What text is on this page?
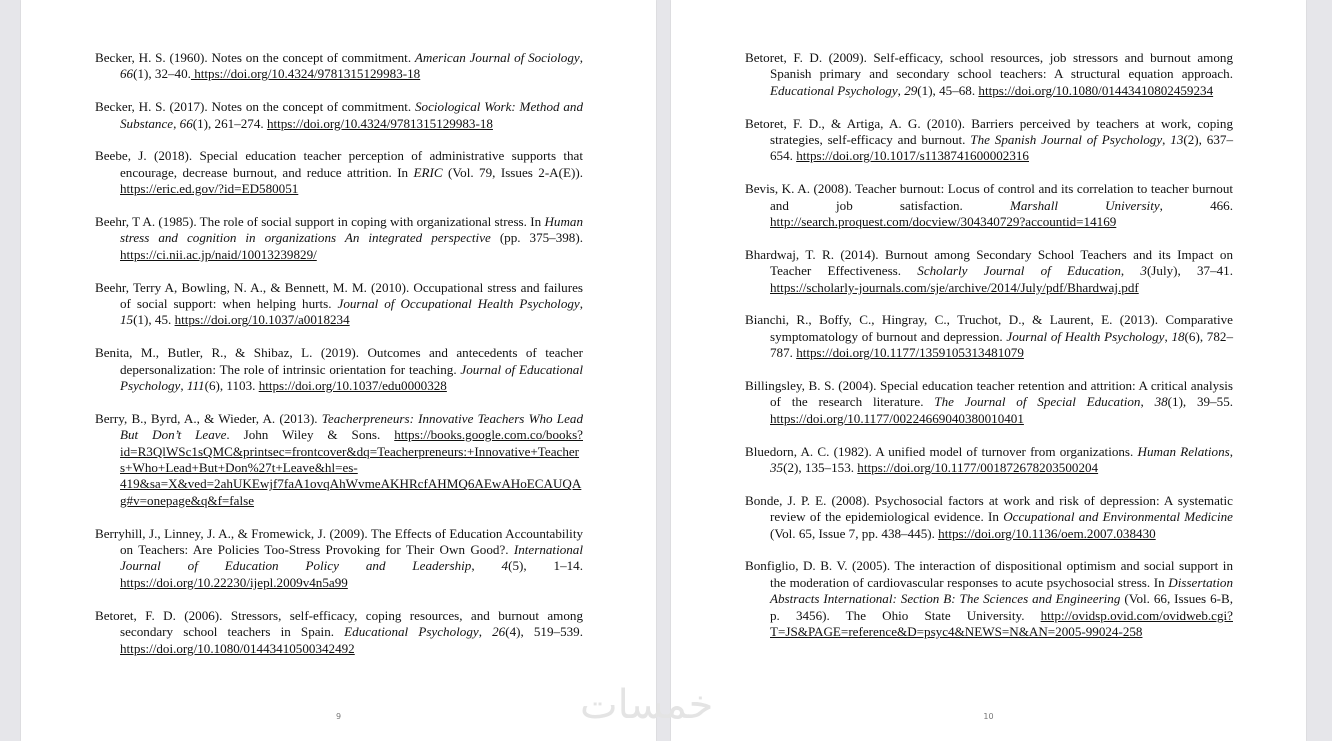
Becker, H. S. (1960). Notes on the concept of commitment. American Journal of Sociology, 66(1), 32–40. https://doi.org/10.4324/9781315129983-18

Becker, H. S. (2017). Notes on the concept of commitment. Sociological Work: Method and Substance, 66(1), 261–274. https://doi.org/10.4324/9781315129983-18

Beebe, J. (2018). Special education teacher perception of administrative supports that encourage, decrease burnout, and reduce attrition. In ERIC (Vol. 79, Issues 2-A(E)). https://eric.ed.gov/?id=ED580051

Beehr, T A. (1985). The role of social support in coping with organizational stress. In Human stress and cognition in organizations An integrated perspective (pp. 375–398). https://ci.nii.ac.jp/naid/10013239829/

Beehr, Terry A, Bowling, N. A., & Bennett, M. M. (2010). Occupational stress and failures of social support: when helping hurts. Journal of Occupational Health Psychology, 15(1), 45. https://doi.org/10.1037/a0018234

Benita, M., Butler, R., & Shibaz, L. (2019). Outcomes and antecedents of teacher depersonalization: The role of intrinsic orientation for teaching. Journal of Educational Psychology, 111(6), 1103. https://doi.org/10.1037/edu0000328

Berry, B., Byrd, A., & Wieder, A. (2013). Teacherpreneurs: Innovative Teachers Who Lead But Don’t Leave. John Wiley & Sons. https://books.google.com.co/books?id=R3QlWSc1sQMC&printsec=frontcover&dq=Teacherpreneurs:+Innovative+Teachers+Who+Lead+But+Don%27t+Leave&hl=es-419&sa=X&ved=2ahUKEwjf7faA1ovqAhWvmeAKHRcfAHMQ6AEwAHoECAUQAg#v=onepage&q&f=false

Berryhill, J., Linney, J. A., & Fromewick, J. (2009). The Effects of Education Accountability on Teachers: Are Policies Too-Stress Provoking for Their Own Good?. International Journal of Education Policy and Leadership, 4(5), 1–14. https://doi.org/10.22230/ijepl.2009v4n5a99

Betoret, F. D. (2006). Stressors, self-efficacy, coping resources, and burnout among secondary school teachers in Spain. Educational Psychology, 26(4), 519–539. https://doi.org/10.1080/01443410500342492

9

Betoret, F. D. (2009). Self-efficacy, school resources, job stressors and burnout among Spanish primary and secondary school teachers: A structural equation approach. Educational Psychology, 29(1), 45–68. https://doi.org/10.1080/01443410802459234

Betoret, F. D., & Artiga, A. G. (2010). Barriers perceived by teachers at work, coping strategies, self-efficacy and burnout. The Spanish Journal of Psychology, 13(2), 637–654. https://doi.org/10.1017/s1138741600002316

Bevis, K. A. (2008). Teacher burnout: Locus of control and its correlation to teacher burnout and job satisfaction. Marshall University, 466. http://search.proquest.com/docview/304340729?accountid=14169

Bhardwaj, T. R. (2014). Burnout among Secondary School Teachers and its Impact on Teacher Effectiveness. Scholarly Journal of Education, 3(July), 37–41. https://scholarly-journals.com/sje/archive/2014/July/pdf/Bhardwaj.pdf

Bianchi, R., Boffy, C., Hingray, C., Truchot, D., & Laurent, E. (2013). Comparative symptomatology of burnout and depression. Journal of Health Psychology, 18(6), 782–787. https://doi.org/10.1177/1359105313481079

Billingsley, B. S. (2004). Special education teacher retention and attrition: A critical analysis of the research literature. The Journal of Special Education, 38(1), 39–55. https://doi.org/10.1177/00224669040380010401

Bluedorn, A. C. (1982). A unified model of turnover from organizations. Human Relations, 35(2), 135–153. https://doi.org/10.1177/001872678203500204

Bonde, J. P. E. (2008). Psychosocial factors at work and risk of depression: A systematic review of the epidemiological evidence. In Occupational and Environmental Medicine (Vol. 65, Issue 7, pp. 438–445). https://doi.org/10.1136/oem.2007.038430

Bonfiglio, D. B. V. (2005). The interaction of dispositional optimism and social support in the moderation of cardiovascular responses to acute psychosocial stress. In Dissertation Abstracts International: Section B: The Sciences and Engineering (Vol. 66, Issues 6-B, p. 3456). The Ohio State University. http://ovidsp.ovid.com/ovidweb.cgi?T=JS&PAGE=reference&D=psyc4&NEWS=N&AN=2005-99024-258

10
خمسات
